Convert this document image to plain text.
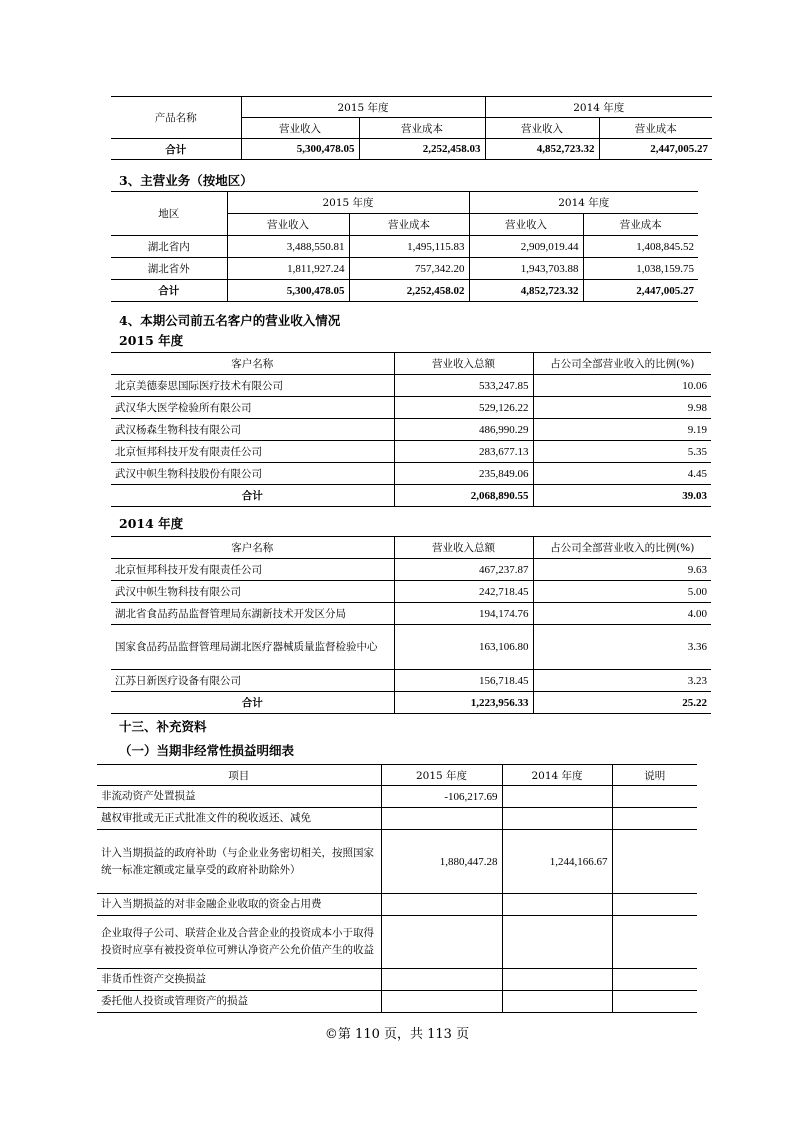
产品名称	2015 年度		2014 年度	
	营业收入	营业成本	营业收入	营业成本
合计	5,300,478.05	2,252,458.03	4,852,723.32	2,447,005.27
3、主营业务（按地区）
地区	2015 年度		2014 年度	
	营业收入	营业成本	营业收入	营业成本
湖北省内	3,488,550.81	1,495,115.83	2,909,019.44	1,408,845.52
湖北省外	1,811,927.24	757,342.20	1,943,703.88	1,038,159.75
合计	5,300,478.05	2,252,458.02	4,852,723.32	2,447,005.27
4、本期公司前五名客户的营业收入情况
2015 年度
客户名称	营业收入总额	占公司全部营业收入的比例(%)
北京美德泰思国际医疗技术有限公司	533,247.85	10.06
武汉华大医学检验所有限公司	529,126.22	9.98
武汉杨森生物科技有限公司	486,990.29	9.19
北京恒邦科技开发有限责任公司	283,677.13	5.35
武汉中帜生物科技股份有限公司	235,849.06	4.45
合计	2,068,890.55	39.03
2014 年度
客户名称	营业收入总额	占公司全部营业收入的比例(%)
北京恒邦科技开发有限责任公司	467,237.87	9.63
武汉中帜生物科技有限公司	242,718.45	5.00
湖北省食品药品监督管理局东湖新技术开发区分局	194,174.76	4.00
国家食品药品监督管理局湖北医疗器械质量监督检验中心	163,106.80	3.36
江苏日新医疗设备有限公司	156,718.45	3.23
合计	1,223,956.33	25.22
十三、补充资料
（一）当期非经常性损益明细表
项目	2015 年度	2014 年度	说明
非流动资产处置损益	-106,217.69		
越权审批或无正式批准文件的税收返还、减免			
计入当期损益的政府补助（与企业业务密切相关，按照国家统一标准定额或定量享受的政府补助除外）	1,880,447.28	1,244,166.67	
计入当期损益的对非金融企业收取的资金占用费			
企业取得子公司、联营企业及合营企业的投资成本小于取得投资时应享有被投资单位可辨认净资产公允价值产生的收益			
非货币性资产交换损益			
委托他人投资或管理资产的损益			
©第 110 页，共 113 页
